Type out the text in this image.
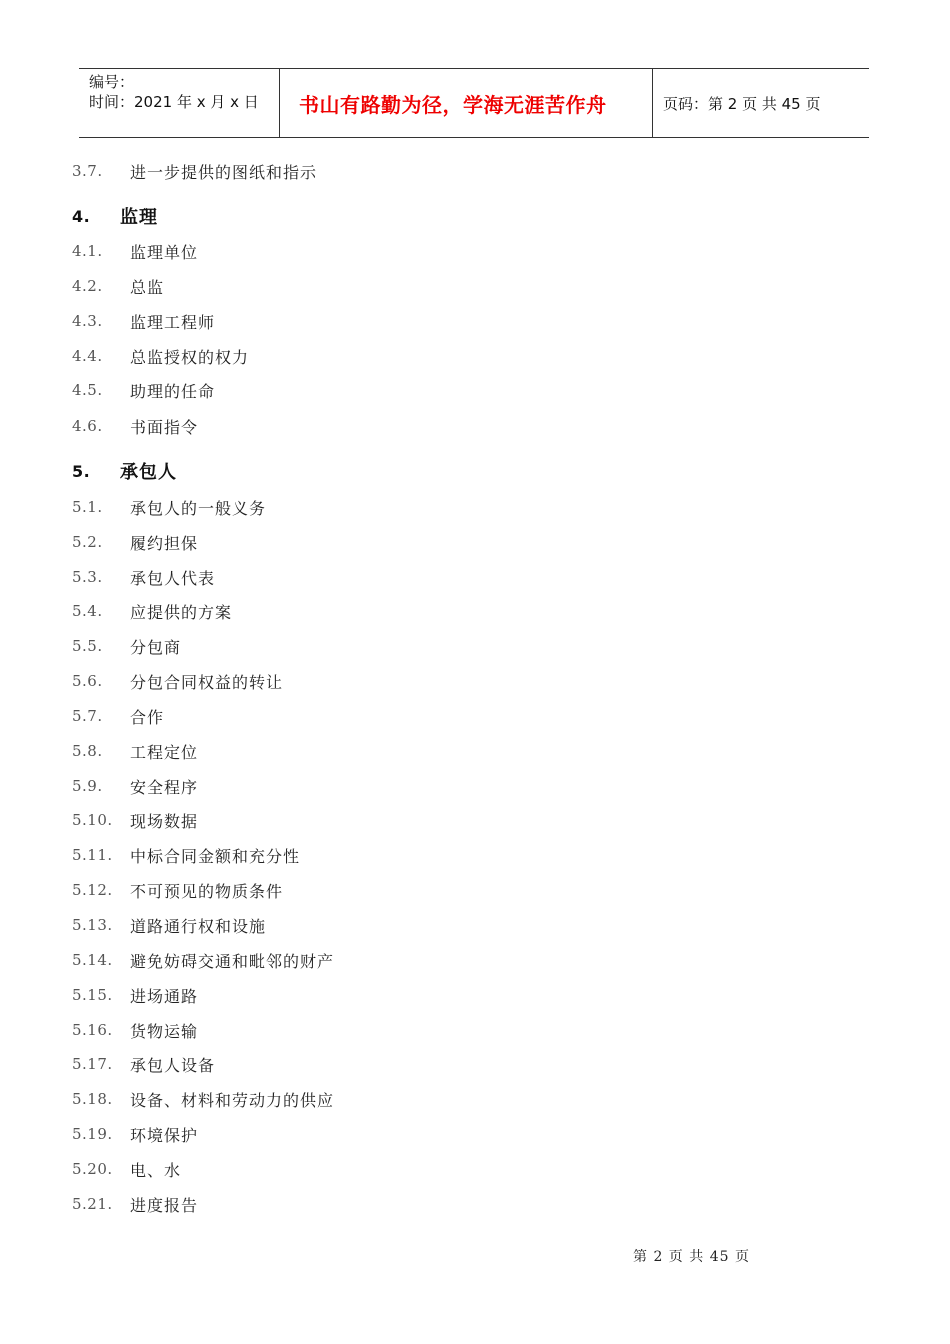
编号：
时间：2021 年 x 月 x 日	书山有路勤为径，学海无涯苦作舟	页码：第 2 页 共 45 页
3.7.	进一步提供的图纸和指示
4.	监理
4.1.	监理单位
4.2.	总监
4.3.	监理工程师
4.4.	总监授权的权力
4.5.	助理的任命
4.6.	书面指令
5.	承包人
5.1.	承包人的一般义务
5.2.	履约担保
5.3.	承包人代表
5.4.	应提供的方案
5.5.	分包商
5.6.	分包合同权益的转让
5.7.	合作
5.8.	工程定位
5.9.	安全程序
5.10.	现场数据
5.11.	中标合同金额和充分性
5.12.	不可预见的物质条件
5.13.	道路通行权和设施
5.14.	避免妨碍交通和毗邻的财产
5.15.	进场通路
5.16.	货物运输
5.17.	承包人设备
5.18.	设备、材料和劳动力的供应
5.19.	环境保护
5.20.	电、水
5.21.	进度报告
第 2 页 共 45 页
